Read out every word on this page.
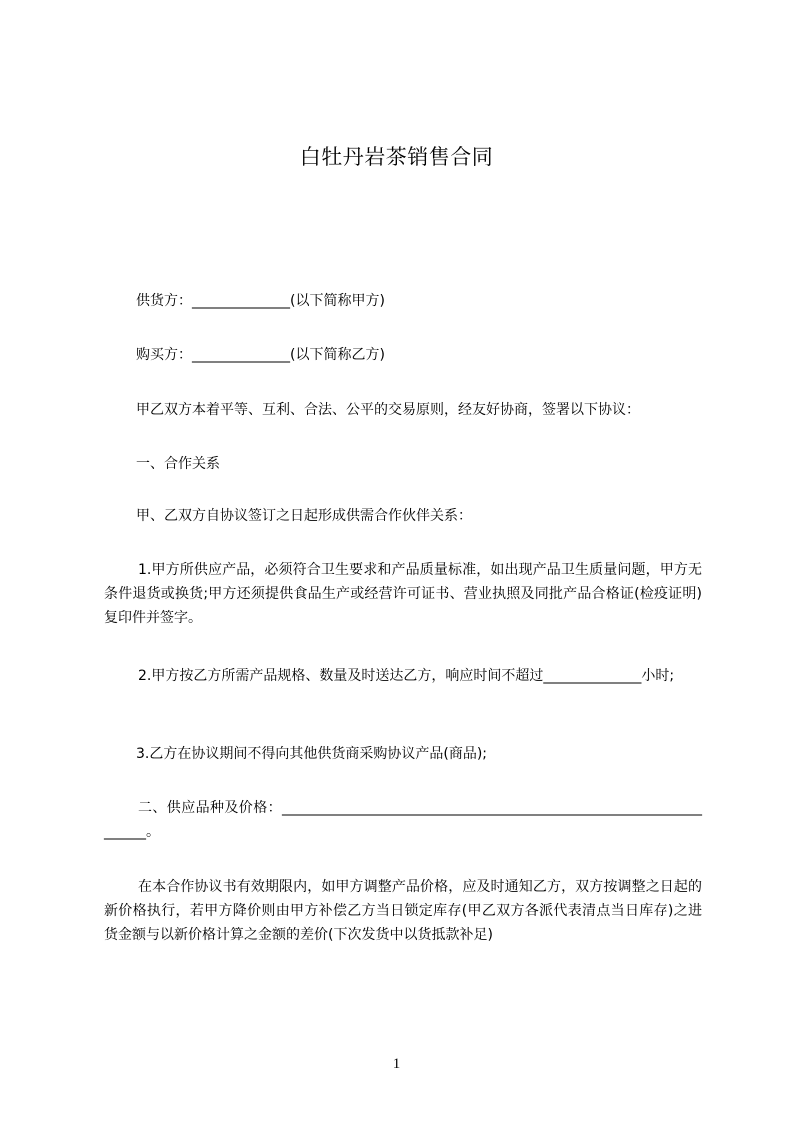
白牡丹岩茶销售合同
供货方：______________(以下简称甲方)
购买方：______________(以下简称乙方)
甲乙双方本着平等、互利、合法、公平的交易原则，经友好协商，签署以下协议：
一、合作关系
甲、乙双方自协议签订之日起形成供需合作伙伴关系：
1.甲方所供应产品，必须符合卫生要求和产品质量标准，如出现产品卫生质量问题，甲方无条件退货或换货;甲方还须提供食品生产或经营许可证书、营业执照及同批产品合格证(检疫证明)复印件并签字。
2.甲方按乙方所需产品规格、数量及时送达乙方，响应时间不超过______________小时;
3.乙方在协议期间不得向其他供货商采购协议产品(商品);
二、供应品种及价格：__________________________________________________________________。
在本合作协议书有效期限内，如甲方调整产品价格，应及时通知乙方，双方按调整之日起的新价格执行，若甲方降价则由甲方补偿乙方当日锁定库存(甲乙双方各派代表清点当日库存)之进货金额与以新价格计算之金额的差价(下次发货中以货抵款补足)
1
